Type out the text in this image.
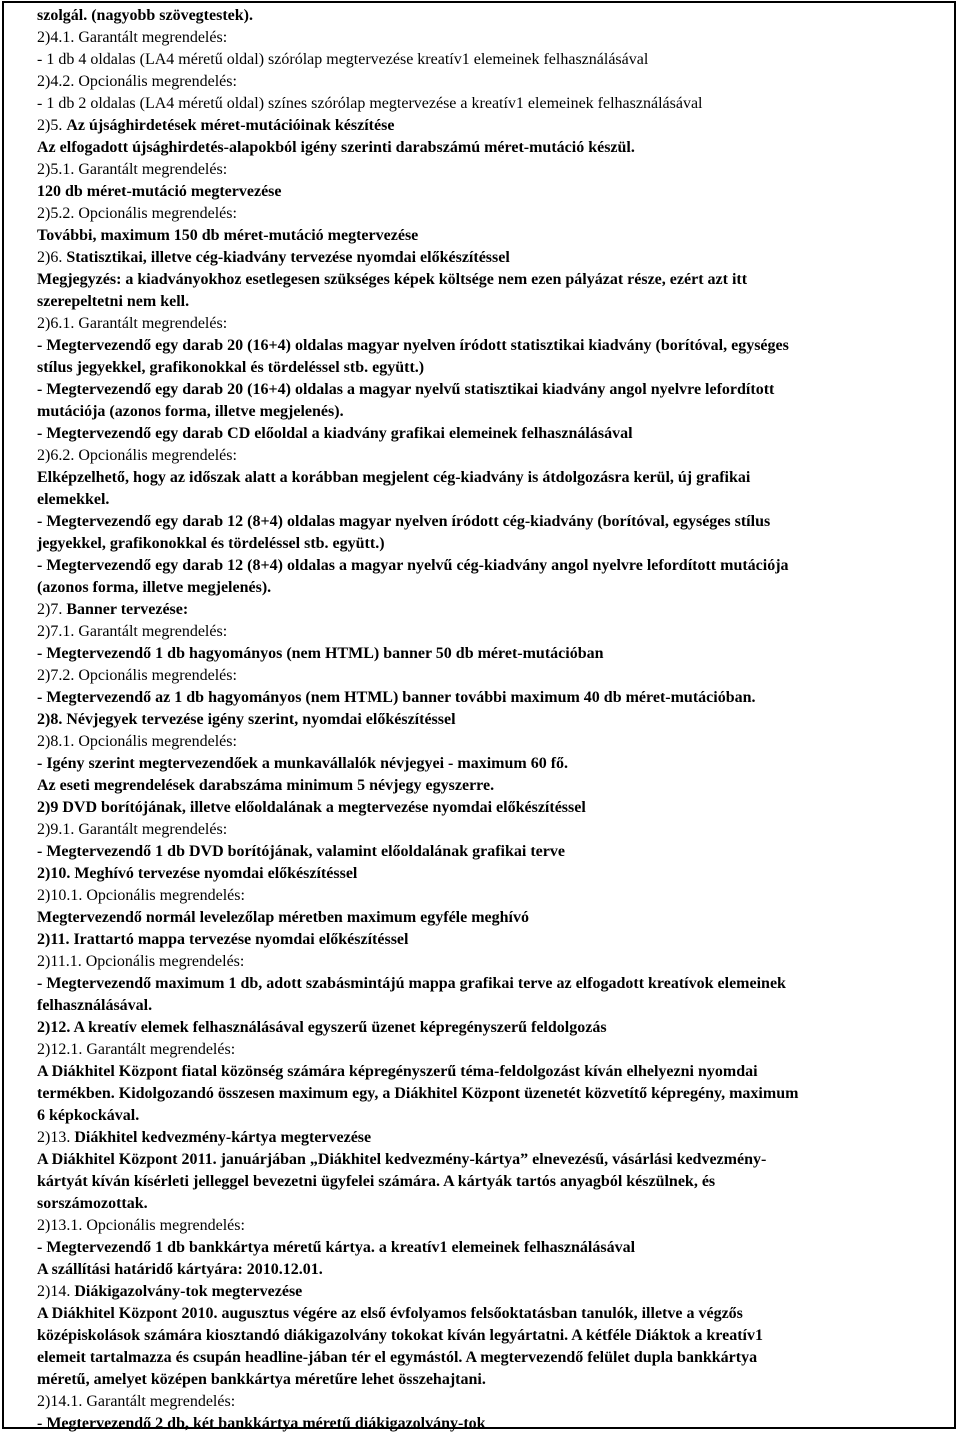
szolgál. (nagyobb szövegtestek).

2)4.1. Garantált megrendelés:

- 1 db 4 oldalas (LA4 méretű oldal) szórólap megtervezése kreatív1 elemeinek felhasználásával

2)4.2. Opcionális megrendelés:

- 1 db 2 oldalas (LA4 méretű oldal) színes szórólap megtervezése a kreatív1 elemeinek felhasználásával

2)5. Az újsághirdetések méret-mutációinak készítése

Az elfogadott újsághirdetés-alapokból igény szerinti darabszámú méret-mutáció készül.

2)5.1. Garantált megrendelés:

120 db méret-mutáció megtervezése

2)5.2. Opcionális megrendelés:

További, maximum 150 db méret-mutáció megtervezése

2)6. Statisztikai, illetve cég-kiadvány tervezése nyomdai előkészítéssel

Megjegyzés: a kiadványokhoz esetlegesen szükséges képek költsége nem ezen pályázat része, ezért azt itt

szerepeltetni nem kell.

2)6.1. Garantált megrendelés:

- Megtervezendő egy darab 20 (16+4) oldalas magyar nyelven íródott statisztikai kiadvány (borítóval, egységes

stílus jegyekkel, grafikonokkal és tördeléssel stb. együtt.)

- Megtervezendő egy darab 20 (16+4) oldalas a magyar nyelvű statisztikai kiadvány angol nyelvre lefordított

mutációja (azonos forma, illetve megjelenés).

- Megtervezendő egy darab CD előoldal a kiadvány grafikai elemeinek felhasználásával

2)6.2. Opcionális megrendelés:

Elképzelhető, hogy az időszak alatt a korábban megjelent cég-kiadvány is átdolgozásra kerül, új grafikai

elemekkel.

- Megtervezendő egy darab 12 (8+4) oldalas magyar nyelven íródott cég-kiadvány (borítóval, egységes stílus

jegyekkel, grafikonokkal és tördeléssel stb. együtt.)

- Megtervezendő egy darab 12 (8+4) oldalas a magyar nyelvű cég-kiadvány angol nyelvre lefordított mutációja

(azonos forma, illetve megjelenés).

2)7. Banner tervezése:

2)7.1. Garantált megrendelés:

- Megtervezendő 1 db hagyományos (nem HTML) banner 50 db méret-mutációban

2)7.2. Opcionális megrendelés:

- Megtervezendő az 1 db hagyományos (nem HTML) banner további maximum 40 db méret-mutációban.

2)8. Névjegyek tervezése igény szerint, nyomdai előkészítéssel

2)8.1. Opcionális megrendelés:

- Igény szerint megtervezendőek a munkavállalók névjegyei - maximum 60 fő.

Az eseti megrendelések darabszáma minimum 5 névjegy egyszerre.

2)9 DVD borítójának, illetve előoldalának a megtervezése nyomdai előkészítéssel

2)9.1. Garantált megrendelés:

- Megtervezendő 1 db DVD borítójának, valamint előoldalának grafikai terve

2)10. Meghívó tervezése nyomdai előkészítéssel

2)10.1. Opcionális megrendelés:

Megtervezendő normál levelezőlap méretben maximum egyféle meghívó

2)11. Irattartó mappa tervezése nyomdai előkészítéssel

2)11.1. Opcionális megrendelés:

- Megtervezendő maximum 1 db, adott szabásmintájú mappa grafikai terve az elfogadott kreatívok elemeinek

felhasználásával.

2)12. A kreatív elemek felhasználásával egyszerű üzenet képregényszerű feldolgozás

2)12.1. Garantált megrendelés:

A Diákhitel Központ fiatal közönség számára képregényszerű téma-feldolgozást kíván elhelyezni nyomdai

termékben. Kidolgozandó összesen maximum egy, a Diákhitel Központ üzenetét közvetítő képregény, maximum

6 képkockával.

2)13. Diákhitel kedvezmény-kártya megtervezése

A Diákhitel Központ 2011. januárjában „Diákhitel kedvezmény-kártya” elnevezésű, vásárlási kedvezmény-

kártyát kíván kísérleti jelleggel bevezetni ügyfelei számára. A kártyák tartós anyagból készülnek, és

sorszámozottak.

2)13.1. Opcionális megrendelés:

- Megtervezendő 1 db bankkártya méretű kártya. a kreatív1 elemeinek felhasználásával

A szállítási határidő kártyára: 2010.12.01.

2)14. Diákigazolvány-tok megtervezése

A Diákhitel Központ 2010. augusztus végére az első évfolyamos felsőoktatásban tanulók, illetve a végzős

középiskolások számára kiosztandó diákigazolvány tokokat kíván legyártatni. A kétféle Diáktok a kreatív1

elemeit tartalmazza és csupán headline-jában tér el egymástól. A megtervezendő felület dupla bankkártya

méretű, amelyet középen bankkártya méretűre lehet összehajtani.

2)14.1. Garantált megrendelés:

- Megtervezendő 2 db, két bankkártya méretű diákigazolvány-tok
